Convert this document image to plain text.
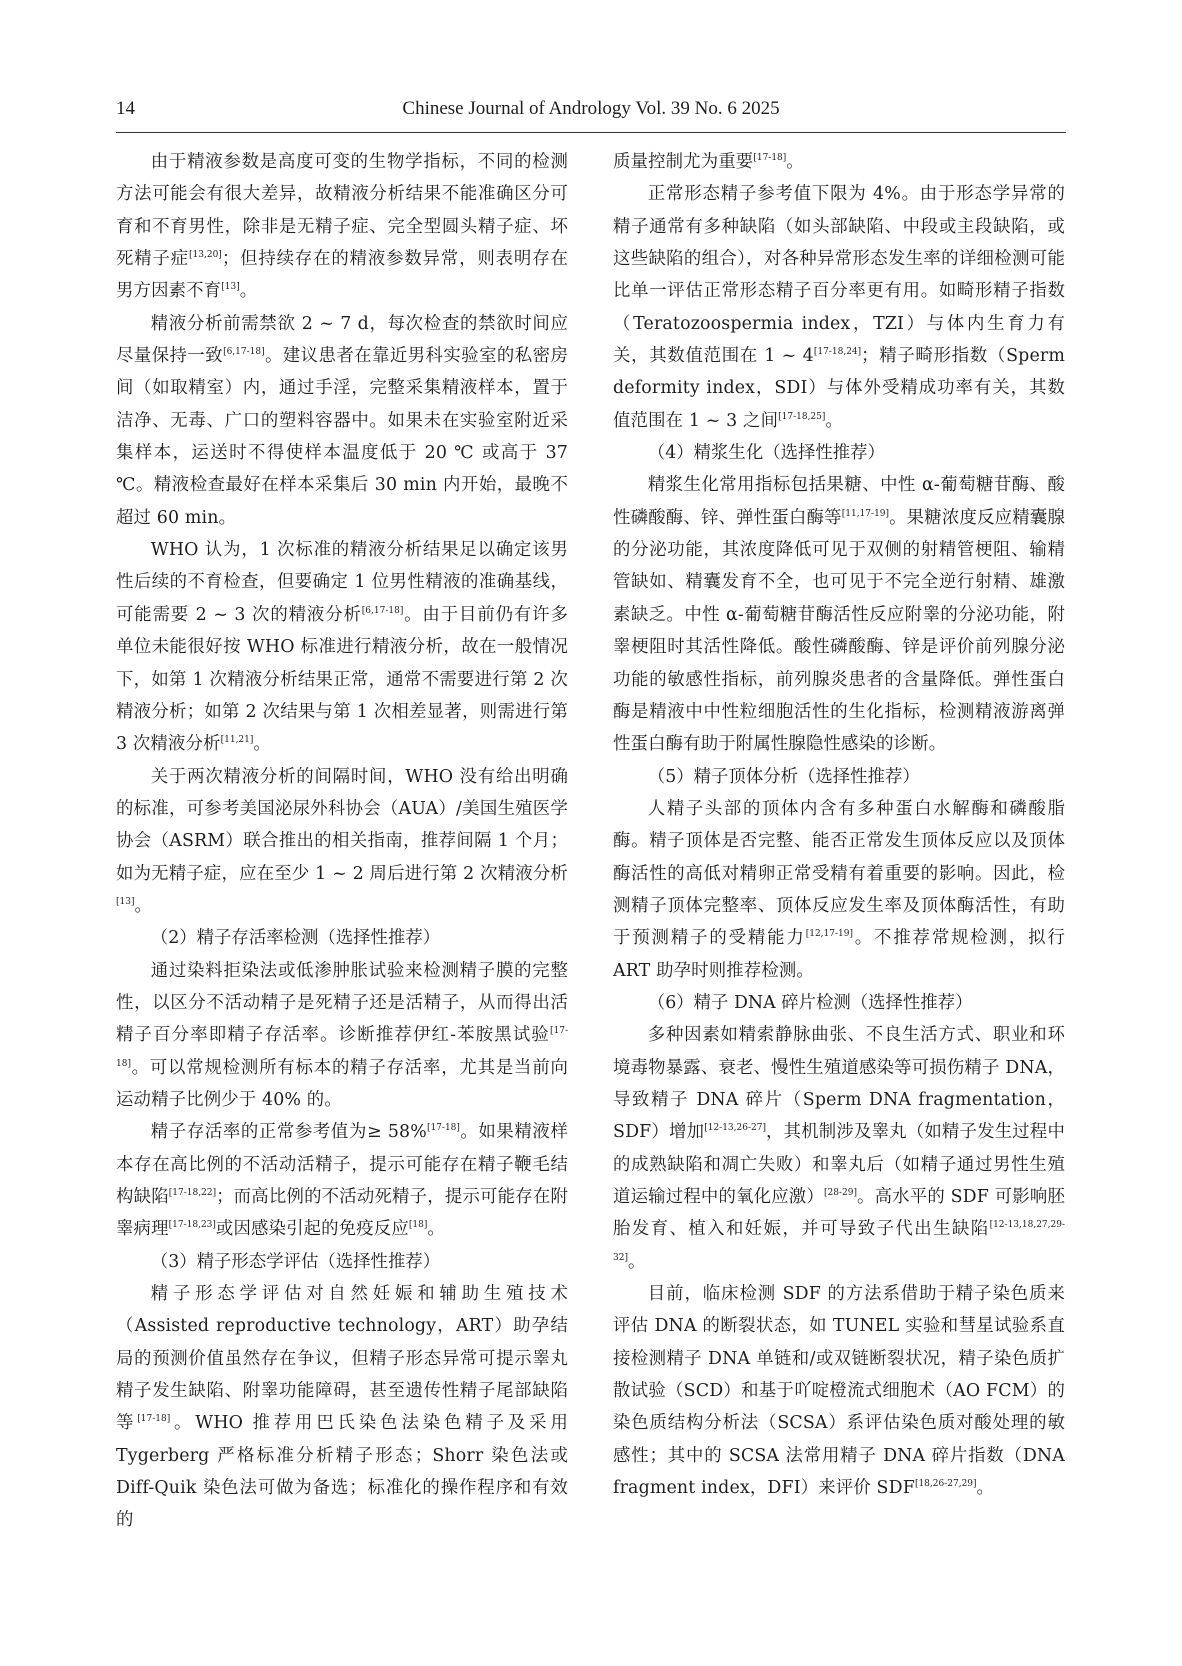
14	Chinese Journal of Andrology Vol. 39 No. 6 2025

由于精液参数是高度可变的生物学指标，不同的检测方法可能会有很大差异，故精液分析结果不能准确区分可育和不育男性，除非是无精子症、完全型圆头精子症、坏死精子症[13,20]；但持续存在的精液参数异常，则表明存在男方因素不育[13]。

精液分析前需禁欲 2 ~ 7 d，每次检查的禁欲时间应尽量保持一致[6,17-18]。建议患者在靠近男科实验室的私密房间（如取精室）内，通过手淫，完整采集精液样本，置于洁净、无毒、广口的塑料容器中。如果未在实验室附近采集样本，运送时不得使样本温度低于 20 ℃ 或高于 37 ℃。精液检查最好在样本采集后 30 min 内开始，最晚不超过 60 min。

WHO 认为，1 次标准的精液分析结果足以确定该男性后续的不育检查，但要确定 1 位男性精液的准确基线，可能需要 2 ~ 3 次的精液分析[6,17-18]。由于目前仍有许多单位未能很好按 WHO 标准进行精液分析，故在一般情况下，如第 1 次精液分析结果正常，通常不需要进行第 2 次精液分析；如第 2 次结果与第 1 次相差显著，则需进行第 3 次精液分析[11,21]。

关于两次精液分析的间隔时间，WHO 没有给出明确的标准，可参考美国泌尿外科协会（AUA）/美国生殖医学协会（ASRM）联合推出的相关指南，推荐间隔 1 个月；如为无精子症，应在至少 1 ~ 2 周后进行第 2 次精液分析[13]。

（2）精子存活率检测（选择性推荐）

通过染料拒染法或低渗肿胀试验来检测精子膜的完整性，以区分不活动精子是死精子还是活精子，从而得出活精子百分率即精子存活率。诊断推荐伊红-苯胺黑试验[17-18]。可以常规检测所有标本的精子存活率，尤其是当前向运动精子比例少于 40% 的。

精子存活率的正常参考值为≥ 58%[17-18]。如果精液样本存在高比例的不活动活精子，提示可能存在精子鞭毛结构缺陷[17-18,22]；而高比例的不活动死精子，提示可能存在附睾病理[17-18,23]或因感染引起的免疫反应[18]。

（3）精子形态学评估（选择性推荐）

精子形态学评估对自然妊娠和辅助生殖技术（Assisted reproductive technology，ART）助孕结局的预测价值虽然存在争议，但精子形态异常可提示睾丸精子发生缺陷、附睾功能障碍，甚至遗传性精子尾部缺陷等[17-18]。WHO 推荐用巴氏染色法染色精子及采用 Tygerberg 严格标准分析精子形态；Shorr 染色法或 Diff-Quik 染色法可做为备选；标准化的操作程序和有效的

质量控制尤为重要[17-18]。

正常形态精子参考值下限为 4%。由于形态学异常的精子通常有多种缺陷（如头部缺陷、中段或主段缺陷，或这些缺陷的组合），对各种异常形态发生率的详细检测可能比单一评估正常形态精子百分率更有用。如畸形精子指数（Teratozoospermia index，TZI）与体内生育力有关，其数值范围在 1 ~ 4[17-18,24]；精子畸形指数（Sperm deformity index，SDI）与体外受精成功率有关，其数值范围在 1 ~ 3 之间[17-18,25]。

（4）精浆生化（选择性推荐）

精浆生化常用指标包括果糖、中性 α-葡萄糖苷酶、酸性磷酸酶、锌、弹性蛋白酶等[11,17-19]。果糖浓度反应精囊腺的分泌功能，其浓度降低可见于双侧的射精管梗阻、输精管缺如、精囊发育不全，也可见于不完全逆行射精、雄激素缺乏。中性 α-葡萄糖苷酶活性反应附睾的分泌功能，附睾梗阻时其活性降低。酸性磷酸酶、锌是评价前列腺分泌功能的敏感性指标，前列腺炎患者的含量降低。弹性蛋白酶是精液中中性粒细胞活性的生化指标，检测精液游离弹性蛋白酶有助于附属性腺隐性感染的诊断。

（5）精子顶体分析（选择性推荐）

人精子头部的顶体内含有多种蛋白水解酶和磷酸脂酶。精子顶体是否完整、能否正常发生顶体反应以及顶体酶活性的高低对精卵正常受精有着重要的影响。因此，检测精子顶体完整率、顶体反应发生率及顶体酶活性，有助于预测精子的受精能力[12,17-19]。不推荐常规检测，拟行 ART 助孕时则推荐检测。

（6）精子 DNA 碎片检测（选择性推荐）

多种因素如精索静脉曲张、不良生活方式、职业和环境毒物暴露、衰老、慢性生殖道感染等可损伤精子 DNA，导致精子 DNA 碎片（Sperm DNA fragmentation，SDF）增加[12-13,26-27]，其机制涉及睾丸（如精子发生过程中的成熟缺陷和凋亡失败）和睾丸后（如精子通过男性生殖道运输过程中的氧化应激）[28-29]。高水平的 SDF 可影响胚胎发育、植入和妊娠，并可导致子代出生缺陷[12-13,18,27,29-32]。

目前，临床检测 SDF 的方法系借助于精子染色质来评估 DNA 的断裂状态，如 TUNEL 实验和彗星试验系直接检测精子 DNA 单链和/或双链断裂状况，精子染色质扩散试验（SCD）和基于吖啶橙流式细胞术（AO FCM）的染色质结构分析法（SCSA）系评估染色质对酸处理的敏感性；其中的 SCSA 法常用精子 DNA 碎片指数（DNA fragment index，DFI）来评价 SDF[18,26-27,29]。
